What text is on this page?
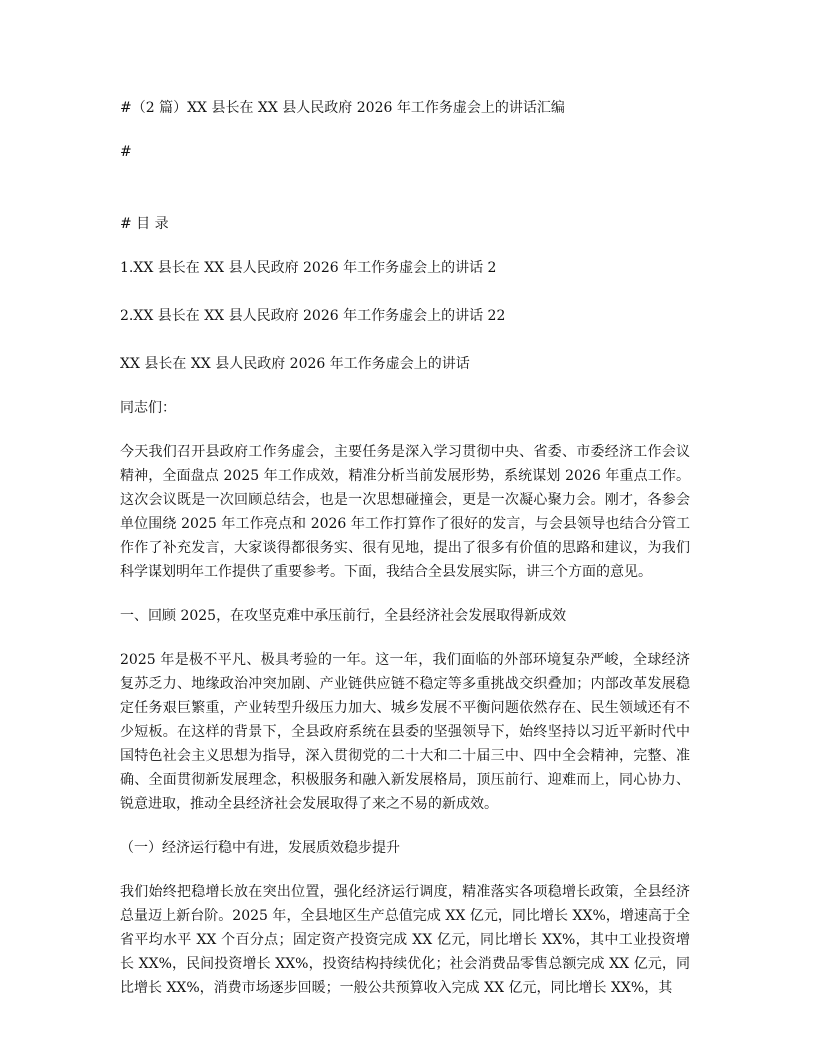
#（2 篇）XX 县长在 XX 县人民政府 2026 年工作务虚会上的讲话汇编

#

# 目 录

1.XX 县长在 XX 县人民政府 2026 年工作务虚会上的讲话 2

2.XX 县长在 XX 县人民政府 2026 年工作务虚会上的讲话 22

XX 县长在 XX 县人民政府 2026 年工作务虚会上的讲话

同志们：

今天我们召开县政府工作务虚会，主要任务是深入学习贯彻中央、省委、市委经济工作会议精神，全面盘点 2025 年工作成效，精准分析当前发展形势，系统谋划 2026 年重点工作。这次会议既是一次回顾总结会，也是一次思想碰撞会，更是一次凝心聚力会。刚才，各参会单位围绕 2025 年工作亮点和 2026 年工作打算作了很好的发言，与会县领导也结合分管工作作了补充发言，大家谈得都很务实、很有见地，提出了很多有价值的思路和建议，为我们科学谋划明年工作提供了重要参考。下面，我结合全县发展实际，讲三个方面的意见。

一、回顾 2025，在攻坚克难中承压前行，全县经济社会发展取得新成效

2025 年是极不平凡、极具考验的一年。这一年，我们面临的外部环境复杂严峻，全球经济复苏乏力、地缘政治冲突加剧、产业链供应链不稳定等多重挑战交织叠加；内部改革发展稳定任务艰巨繁重，产业转型升级压力加大、城乡发展不平衡问题依然存在、民生领域还有不少短板。在这样的背景下，全县政府系统在县委的坚强领导下，始终坚持以习近平新时代中国特色社会主义思想为指导，深入贯彻党的二十大和二十届三中、四中全会精神，完整、准确、全面贯彻新发展理念，积极服务和融入新发展格局，顶压前行、迎难而上，同心协力、锐意进取，推动全县经济社会发展取得了来之不易的新成效。

（一）经济运行稳中有进，发展质效稳步提升

我们始终把稳增长放在突出位置，强化经济运行调度，精准落实各项稳增长政策，全县经济总量迈上新台阶。2025 年，全县地区生产总值完成 XX 亿元，同比增长 XX%，增速高于全省平均水平 XX 个百分点；固定资产投资完成 XX 亿元，同比增长 XX%，其中工业投资增长 XX%，民间投资增长 XX%，投资结构持续优化；社会消费品零售总额完成 XX 亿元，同比增长 XX%，消费市场逐步回暖；一般公共预算收入完成 XX 亿元，同比增长 XX%，其
